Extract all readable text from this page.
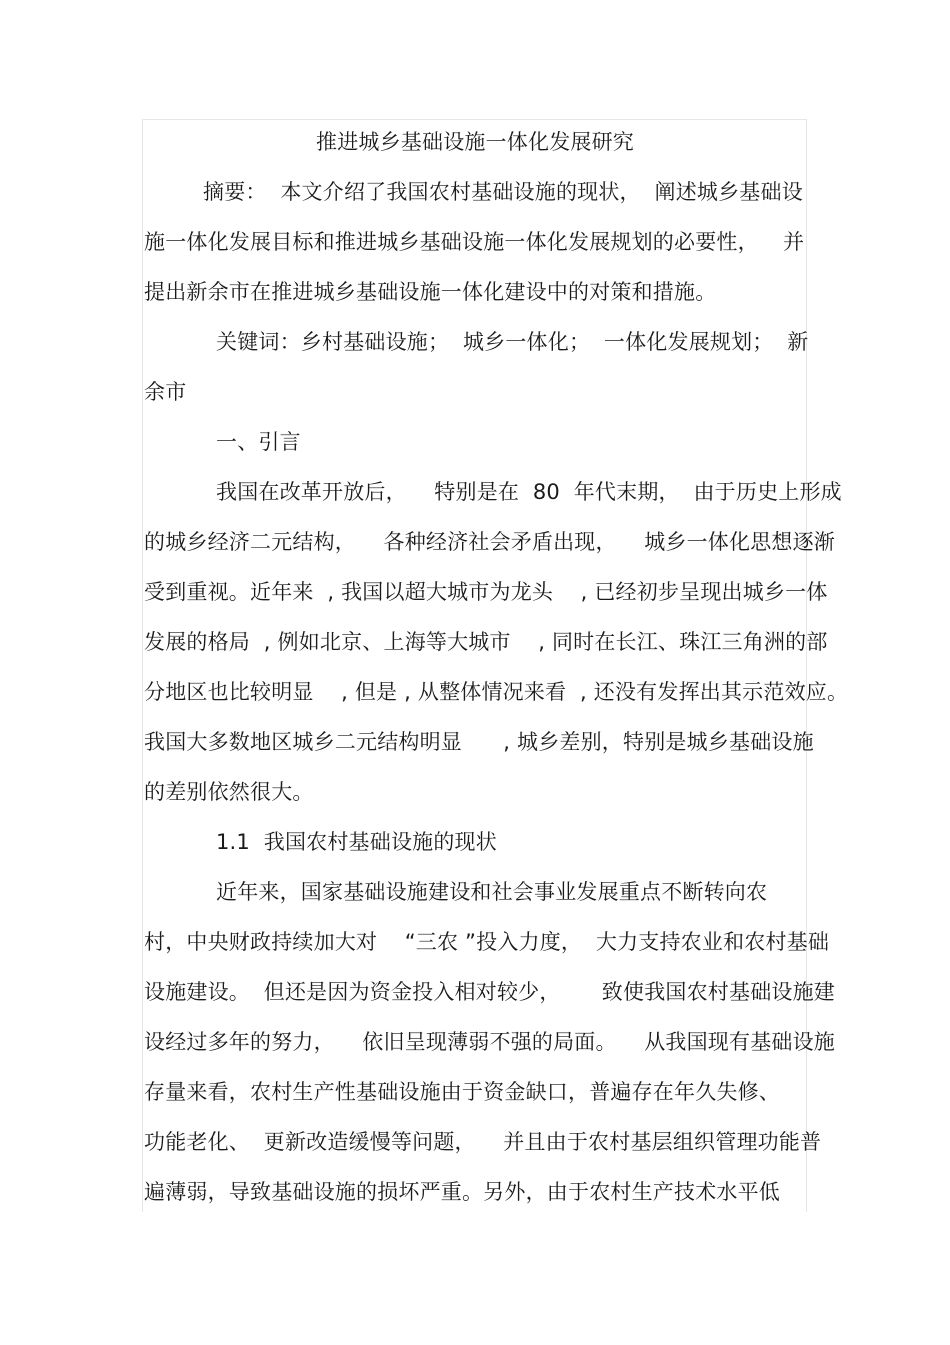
推进城乡基础设施一体化发展研究
摘要：  本文介绍了我国农村基础设施的现状，  阐述城乡基础设
施一体化发展目标和推进城乡基础设施一体化发展规划的必要性，	并
提出新余市在推进城乡基础设施一体化建设中的对策和措施。
关键词：乡村基础设施；  城乡一体化；  一体化发展规划；  新
余市
一、引言
我国在改革开放后，    特别是在  80  年代末期，  由于历史上形成
的城乡经济二元结构，    各种经济社会矛盾出现，    城乡一体化思想逐渐
受到重视。近年来  , 我国以超大城市为龙头    , 已经初步呈现出城乡一体
发展的格局  , 例如北京、上海等大城市    , 同时在长江、珠江三角洲的部
分地区也比较明显    , 但是 , 从整体情况来看  , 还没有发挥出其示范效应。
我国大多数地区城乡二元结构明显      , 城乡差别，特别是城乡基础设施
的差别依然很大。
1.1  我国农村基础设施的现状
近年来，国家基础设施建设和社会事业发展重点不断转向农
村，中央财政持续加大对    “三农 ”投入力度，  大力支持农业和农村基础
设施建设。  但还是因为资金投入相对较少，      致使我国农村基础设施建
设经过多年的努力，    依旧呈现薄弱不强的局面。    从我国现有基础设施
存量来看，农村生产性基础设施由于资金缺口，普遍存在年久失修、
功能老化、  更新改造缓慢等问题，    并且由于农村基层组织管理功能普
遍薄弱，导致基础设施的损坏严重。另外，由于农村生产技术水平低
